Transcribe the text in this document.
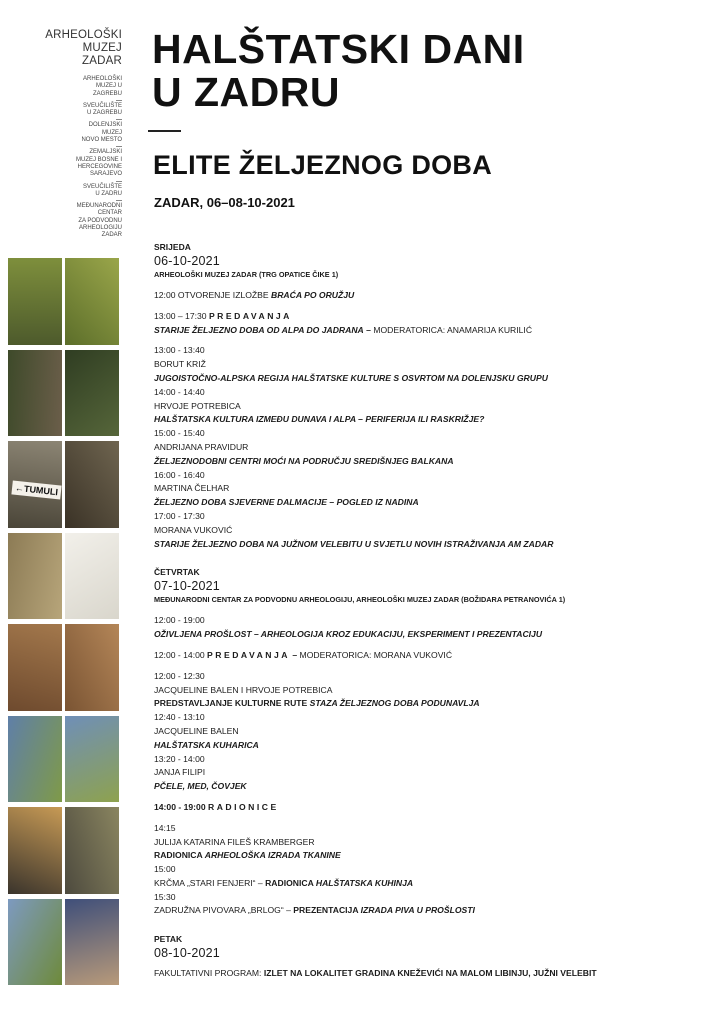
ARHEOLOŠKI
MUZEJ
ZADAR
ARHEOLOŠKI
MUZEJ U
ZAGREBU
SVEUČILIŠTE
U ZAGREBU
DOLENJSKI
MUZEJ
NOVO MESTO
ZEMALJSKI
MUZEJ BOSNE I
HERCEGOVINE
SARAJEVO
SVEUČILIŠTE
U ZADRU
MEĐUNARODNI
CENTAR
ZA PODVODNU
ARHEOLOGIJU
ZADAR
HALŠTATSKI DANI
U ZADRU
ELITE ŽELJEZNOG DOBA
ZADAR, 06–08-10-2021
←TUMULI
SRIJEDA
06-10-2021
ARHEOLOŠKI MUZEJ ZADAR (TRG OPATICE ČIKE 1)
12:00 OTVORENJE IZLOŽBE BRAĆA PO ORUŽJU
13:00 – 17:30 PREDAVANJA
STARIJE ŽELJEZNO DOBA OD ALPA DO JADRANA – MODERATORICA: ANAMARIJA KURILIĆ
13:00 - 13:40
BORUT KRIŽ
JUGOISTOČNO-ALPSKA REGIJA HALŠTATSKE KULTURE S OSVRTOM NA DOLENJSKU GRUPU
14:00 - 14:40
HRVOJE POTREBICA
HALŠTATSKA KULTURA IZMEĐU DUNAVA I ALPA – PERIFERIJA ILI RASKRIŽJE?
15:00 - 15:40
ANDRIJANA PRAVIDUR
ŽELJEZNODOBNI CENTRI MOĆI NA PODRUČJU SREDIŠNJEG BALKANA
16:00 - 16:40
MARTINA ČELHAR
ŽELJEZNO DOBA SJEVERNE DALMACIJE – POGLED IZ NADINA
17:00 - 17:30
MORANA VUKOVIĆ
STARIJE ŽELJEZNO DOBA NA JUŽNOM VELEBITU U SVJETLU NOVIH ISTRAŽIVANJA AM ZADAR
ČETVRTAK
07-10-2021
MEĐUNARODNI CENTAR ZA PODVODNU ARHEOLOGIJU, ARHEOLOŠKI MUZEJ ZADAR (BOŽIDARA PETRANOVIĆA 1)
12:00 - 19:00
OŽIVLJENA PROŠLOST – ARHEOLOGIJA KROZ EDUKACIJU, EKSPERIMENT I PREZENTACIJU
12:00 - 14:00 PREDAVANJA – MODERATORICA: MORANA VUKOVIĆ
12:00 - 12:30
JACQUELINE BALEN I HRVOJE POTREBICA
PREDSTAVLJANJE KULTURNE RUTE STAZA ŽELJEZNOG DOBA PODUNAVLJA
12:40 - 13:10
JACQUELINE BALEN
HALŠTATSKA KUHARICA
13:20 - 14:00
JANJA FILIPI
PČELE, MED, ČOVJEK
14:00 - 19:00 RADIONICE
14:15
JULIJA KATARINA FILEŠ KRAMBERGER
RADIONICA ARHEOLOŠKA IZRADA TKANINE
15:00
KRČMA „STARI FENJERI“ – RADIONICA HALŠTATSKA KUHINJA
15:30
ZADRUŽNA PIVOVARA „BRLOG“ – PREZENTACIJA IZRADA PIVA U PROŠLOSTI
PETAK
08-10-2021
FAKULTATIVNI PROGRAM: IZLET NA LOKALITET GRADINA KNEŽEVIĆI NA MALOM LIBINJU, JUŽNI VELEBIT
